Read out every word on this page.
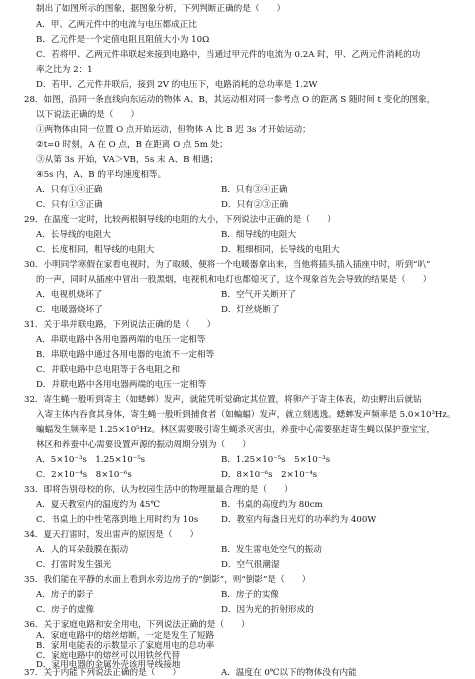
制出了如图所示的图象，据图象分析，下列判断正确的是（　　）
A．甲、乙两元件中的电流与电压都成正比
B．乙元件是一个定值电阻且阻值大小为 10Ω
C．若将甲、乙两元件串联起来接到电路中，当通过甲元件的电流为 0.2A 时，甲、乙两元件消耗的功
率之比为 2：1
D．若甲、乙元件并联后，接到 2V 的电压下，电路消耗的总功率是 1.2W
28．如图，沿同一条直线向东运动的物体 A、B，其运动相对同一参考点 O 的距离 S 随时间 t 变化的图象，
以下说法正确的是（　　）
①两物体由同一位置 O 点开始运动，但物体 A 比 B 迟 3s 才开始运动；
②t=0 时刻，A 在 O 点，B 在距离 O 点 5m 处；
③从第 3s 开始，VA＞VB，5s 末 A、B 相遇；
④5s 内，A、B 的平均速度相等。
A．只有①④正确	B．只有③④正确
C．只有①③正确	D．只有②③正确
29．在温度一定时，比较两根铜导线的电阻的大小，下列说法中正确的是（　　）
A．长导线的电阻大	B．细导线的电阻大
C．长度相同，粗导线的电阻大	D．粗细相同，长导线的电阻大
30．小明同学寒假在家看电视时，为了取暖，便将一个电暖器拿出来，当他将插头插入插座中时，听到“叭”
的一声，同时从插座中冒出一股黑烟，电视机和电灯也都熄灭了，这个现象首先会导致的结果是（　　）
A．电视机烧坏了	B．空气开关断开了
C．电暖器烧坏了	D．灯丝烧断了
31．关于串并联电路，下列说法正确的是（　　）
A．串联电路中各用电器两端的电压一定相等
B．串联电路中通过各用电器的电流不一定相等
C．并联电路中总电阻等于各电阻之和
D．并联电路中各用电器两端的电压一定相等
32．寄生蝇一般听到寄主（如蟋蟀）发声，就能凭听觉确定其位置，将卵产于寄主体表，幼虫孵出后就钻
入寄主体内吞食其身体，寄生蝇一般听到捕食者（如蝙蝠）发声，就立刻逃逸。蟋蟀发声频率是 5.0×10³Hz。
蝙蝠发生频率是 1.25×10⁵Hz。林区需要吸引寄生蝇杀灭害虫，养蚕中心需要驱赶寄生蝇以保护蚕宝宝，
林区和养蚕中心需要设置声源的振动周期分别为（　　）
A．5×10⁻³s　1.25×10⁻⁵s	B．1.25×10⁻⁵s　5×10⁻³s
C．2×10⁻⁴s　8×10⁻⁶s	D．8×10⁻⁶s　2×10⁻⁴s
33．即将告别母校的你，认为校园生活中的物理量最合理的是（　　）
A．夏天教室内的温度约为 45℃	B．书桌的高度约为 80cm
C．书桌上的中性笔落到地上用时约为 10s	D．教室内每盏日光灯的功率约为 400W
34．夏天打雷时，发出雷声的原因是（　　）
A．人的耳朵鼓膜在振动	B．发生雷电处空气的振动
C．打雷时发生强光	D．空气很潮湿
35．我们能在平静的水面上看到水旁边房子的“倒影”，则“倒影”是（　　）
A．房子的影子	B．房子的实像
C．房子的虚像	D．因为光的折射形成的
36．关于家庭电路和安全用电，下列说法正确的是（　　）
A．家庭电路中的熔丝熔断，一定是发生了短路
B．家用电能表的示数显示了家庭用电的总功率
C．家庭电路中的熔丝可以用铁丝代替
D．家用电器的金属外壳该用导线接地
37．关于内能下列说法正确的是（　　）	A．温度在 0℃以下的物体没有内能
